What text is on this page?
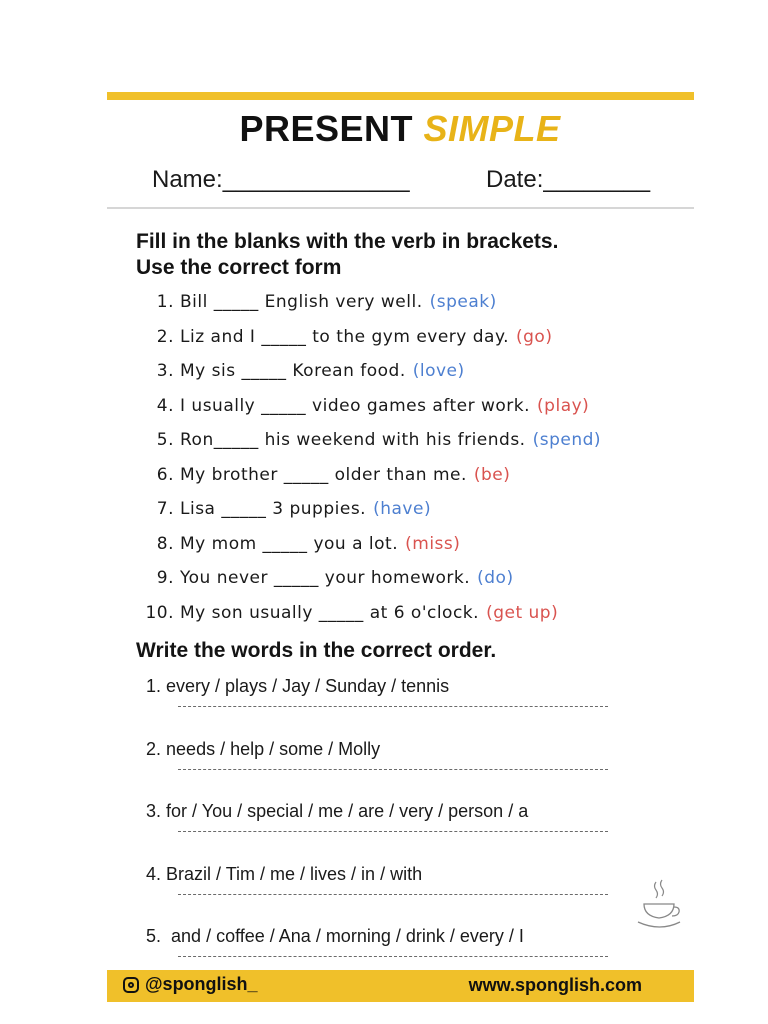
PRESENT SIMPLE
Name:______________	Date:________
Fill in the blanks with the verb in brackets.
Use the correct form
1. Bill _____ English very well. (speak)
2. Liz and I _____ to the gym every day. (go)
3. My sis _____ Korean food. (love)
4. I usually _____ video games after work. (play)
5. Ron_____ his weekend with his friends. (spend)
6. My brother _____ older than me. (be)
7. Lisa _____ 3 puppies. (have)
8. My mom _____ you a lot. (miss)
9. You never _____ your homework. (do)
10. My son usually _____ at 6 o'clock. (get up)
Write the words in the correct order.
1. every / plays / Jay / Sunday / tennis
2. needs / help / some / Molly
3. for / You / special / me / are / very / person / a
4. Brazil / Tim / me / lives / in / with
5.  and / coffee / Ana / morning / drink / every / I
@sponglish_	www.sponglish.com
